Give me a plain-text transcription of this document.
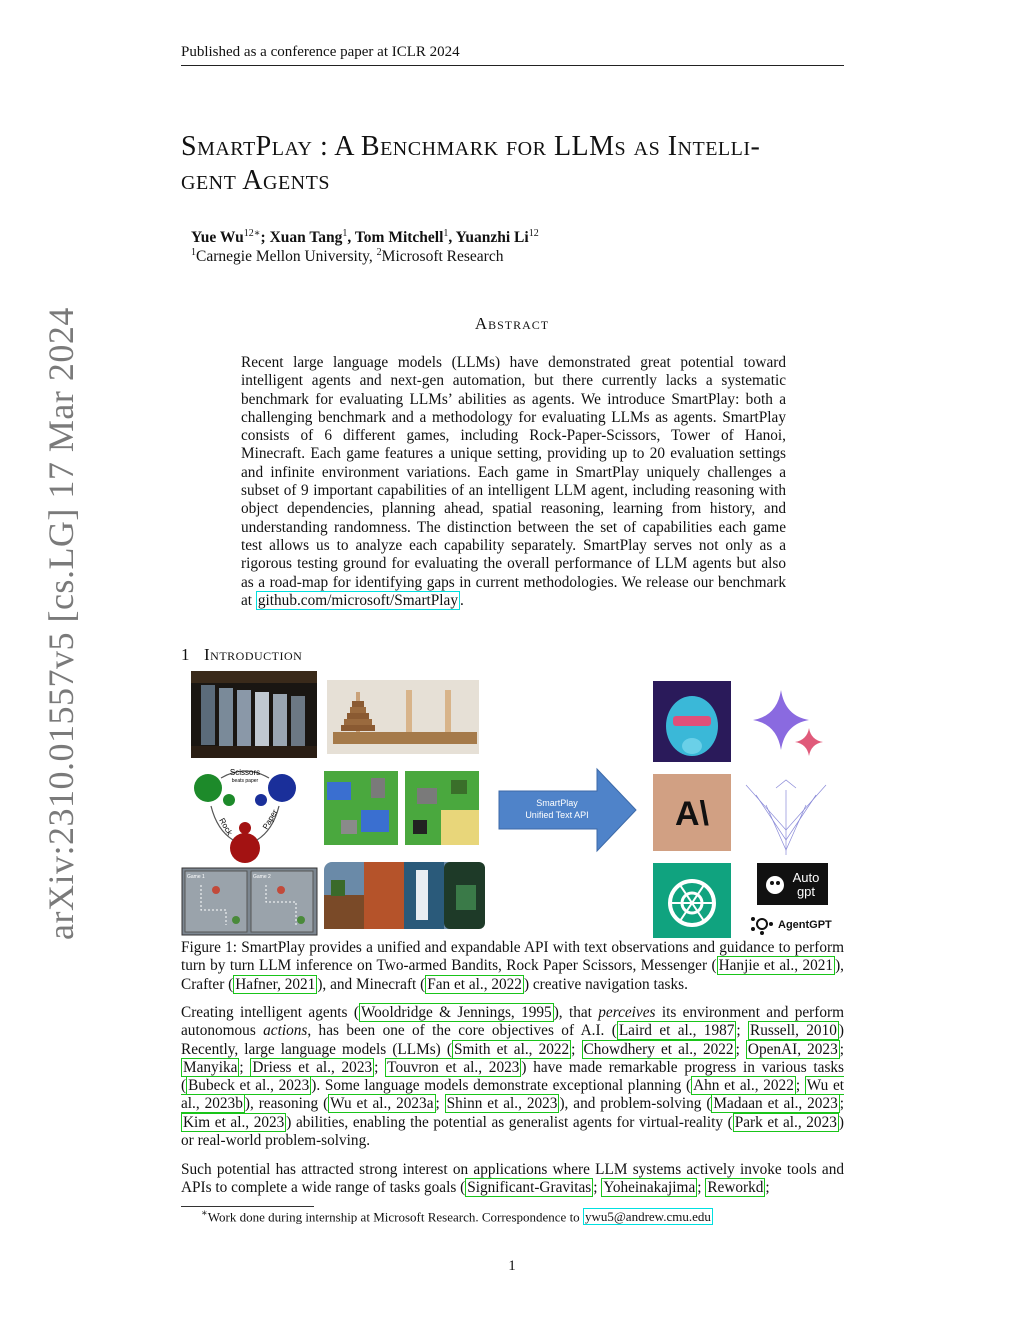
Published as a conference paper at ICLR 2024
arXiv:2310.01557v5 [cs.LG] 17 Mar 2024
SmartPlay : A Benchmark for LLMs as Intelli-
gent Agents
Yue $Wu^{12∗}$; Xuan Tang$^1$, Tom Mitchell$^1$, Yuanzhi Li$^{12}$
$^1$Carnegie Mellon University, $^2$Microsoft Research
Abstract
Recent large language models (LLMs) have demonstrated great potential toward intelligent agents and next-gen automation, but there currently lacks a systematic benchmark for evaluating LLMs’ abilities as agents. We introduce SmartPlay: both a challenging benchmark and a methodology for evaluating LLMs as agents. SmartPlay consists of 6 different games, including Rock-Paper-Scissors, Tower of Hanoi, Minecraft. Each game features a unique setting, providing up to 20 evaluation settings and infinite environment variations. Each game in SmartPlay uniquely challenges a subset of 9 important capabilities of an intelligent LLM agent, including reasoning with object dependencies, planning ahead, spatial reasoning, learning from history, and understanding randomness. The distinction between the set of capabilities each game test allows us to analyze each capability separately. SmartPlay serves not only as a rigorous testing ground for evaluating the overall performance of LLM agents but also as a road-map for identifying gaps in current methodologies. We release our benchmark at github.com/microsoft/SmartPlay .
1 Introduction
Scissors
beats paper
Rock	Paper
Game 1	Game 2
SmartPlay
Unified Text API	A\
Auto
gpt
AgentGPT
Figure 1: SmartPlay provides a unified and expandable API with text observations and guidance to perform turn by turn LLM inference on Two-armed Bandits, Rock Paper Scissors, Messenger ( Hanjie et al., 2021 ), Crafter ( Hafner, 2021 ), and Minecraft ( Fan et al., 2022 ) creative navigation tasks.
Creating intelligent agents ( Wooldridge & Jennings, 1995 ), that perceives its environment and perform autonomous actions, has been one of the core objectives of A.I. ( Laird et al., 1987 ; Russell, 2010 ) Recently, large language models (LLMs) ( Smith et al., 2022 ; Chowdhery et al., 2022 ; OpenAI, 2023 ; Manyika ; Driess et al., 2023 ; Touvron et al., 2023 ) have made remarkable progress in various tasks ( Bubeck et al., 2023 ). Some language models demonstrate exceptional planning ( Ahn et al., 2022 ; Wu et al., 2023b ), reasoning ( Wu et al., 2023a ; Shinn et al., 2023 ), and problem-solving ( Madaan et al., 2023 ; Kim et al., 2023 ) abilities, enabling the potential as generalist agents for virtual-reality ( Park et al., 2023 ) or real-world problem-solving.
Such potential has attracted strong interest on applications where LLM systems actively invoke tools and APIs to complete a wide range of tasks goals ( Significant-Gravitas ; Yoheinakajima ; Reworkd ;
∗Work done during internship at Microsoft Research. Correspondence to ywu5@andrew.cmu.edu
1
